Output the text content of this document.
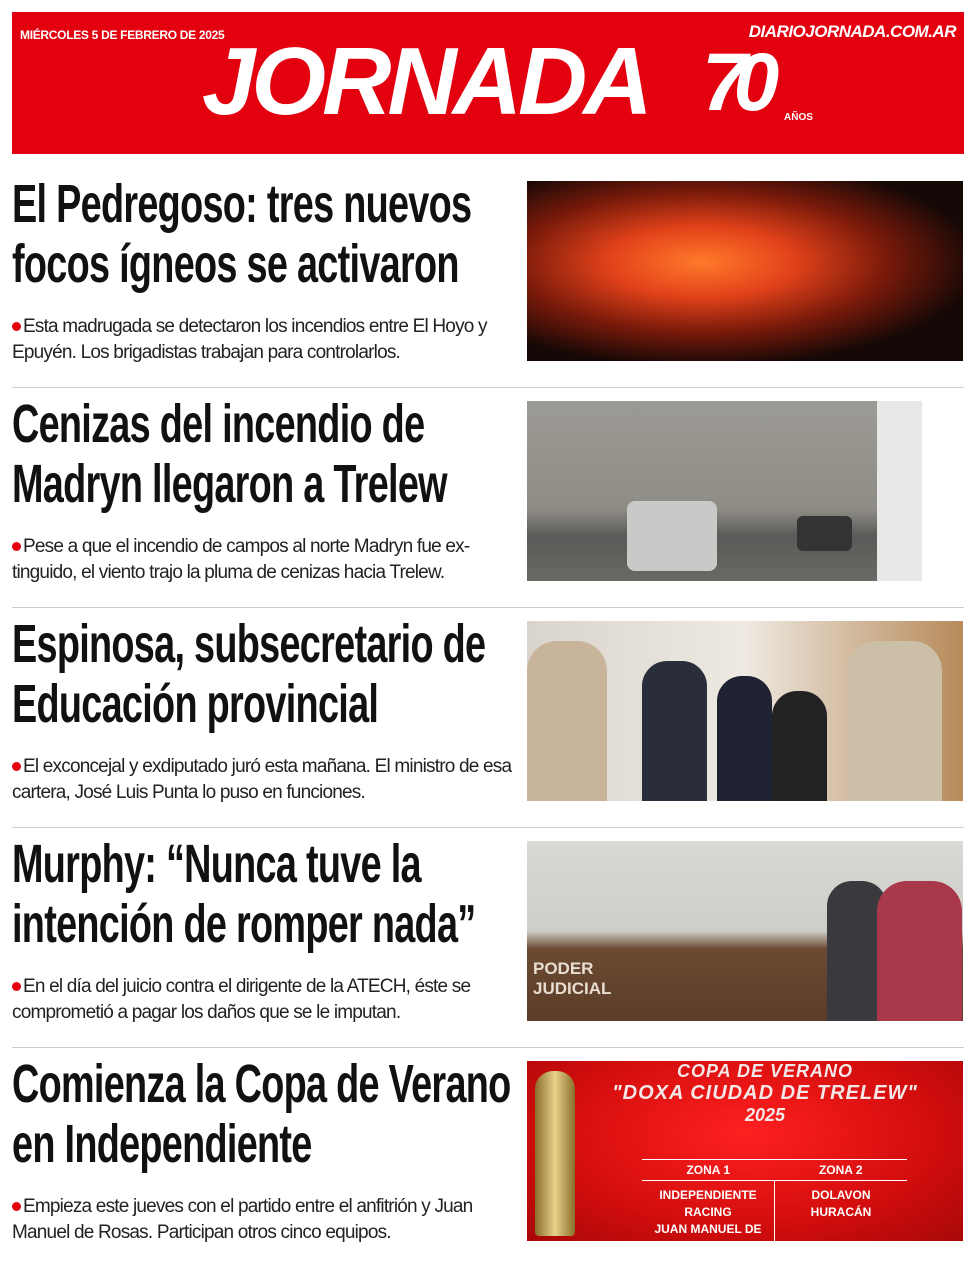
MIÉRCOLES 5 DE FEBRERO DE 2025	DIARIOJORNADA.COM.AR
JORNADA 70 AÑOS
El Pedregoso: tres nuevos focos ígneos se activaron

Esta madrugada se detectaron los incendios entre El Hoyo y Epuyén. Los brigadistas trabajan para controlarlos.

Cenizas del incendio de Madryn llegaron a Trelew

Pese a que el incendio de campos al norte Madryn fue ex-tinguido, el viento trajo la pluma de cenizas hacia Trelew.

Espinosa, subsecretario de Educación provincial

El exconcejal y exdiputado juró esta mañana. El ministro de esa cartera, José Luis Punta lo puso en funciones.

Murphy: “Nunca tuve la intención de romper nada”

En el día del juicio contra el dirigente de la ATECH, éste se comprometió a pagar los daños que se le imputan.

PODER JUDICIAL
Comienza la Copa de Verano en Independiente

Empieza este jueves con el partido entre el anfitrión y Juan Manuel de Rosas. Participan otros cinco equipos.

COPA DE VERANO
"DOXA CIUDAD DE TRELEW"
2025
ZONA 1	ZONA 2
INDEPENDIENTE
RACING
JUAN MANUEL DE ROSAS
DOLAVON
HURACÁN
